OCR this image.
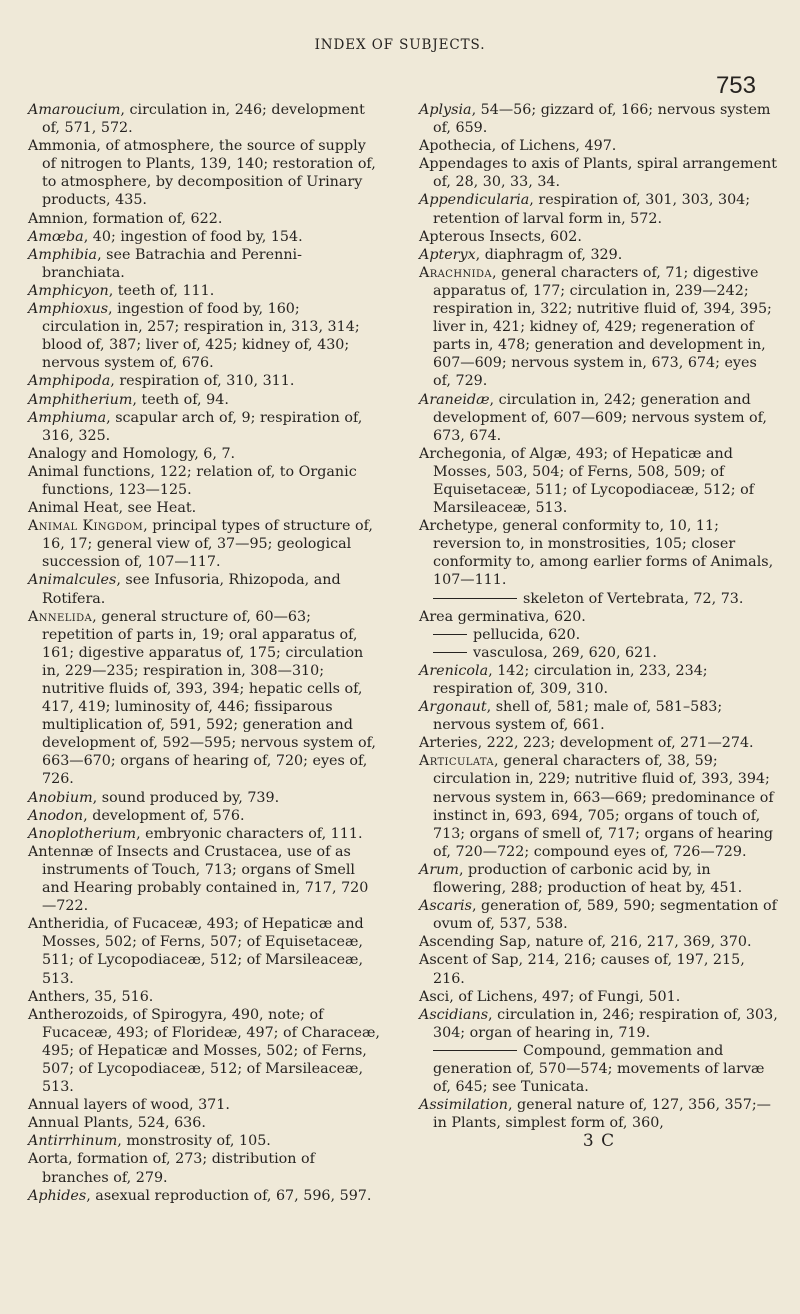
INDEX OF SUBJECTS.
753
Amaroucium, circulation in, 246; development of, 571, 572.
Ammonia, of atmosphere, the source of supply of nitrogen to Plants, 139, 140; restoration of, to atmosphere, by decomposition of Urinary products, 435.
Amnion, formation of, 622.
Amœba, 40; ingestion of food by, 154.
Amphibia, see Batrachia and Perenni-branchiata.
Amphicyon, teeth of, 111.
Amphioxus, ingestion of food by, 160; circulation in, 257; respiration in, 313, 314; blood of, 387; liver of, 425; kidney of, 430; nervous system of, 676.
Amphipoda, respiration of, 310, 311.
Amphitherium, teeth of, 94.
Amphiuma, scapular arch of, 9; respiration of, 316, 325.
Analogy and Homology, 6, 7.
Animal functions, 122; relation of, to Organic functions, 123—125.
Animal Heat, see Heat.
Animal Kingdom, principal types of structure of, 16, 17; general view of, 37—95; geological succession of, 107—117.
Animalcules, see Infusoria, Rhizopoda, and Rotifera.
Annelida, general structure of, 60—63; repetition of parts in, 19; oral apparatus of, 161; digestive apparatus of, 175; circulation in, 229—235; respiration in, 308—310; nutritive fluids of, 393, 394; hepatic cells of, 417, 419; luminosity of, 446; fissiparous multiplication of, 591, 592; generation and development of, 592—595; nervous system of, 663—670; organs of hearing of, 720; eyes of, 726.
Anobium, sound produced by, 739.
Anodon, development of, 576.
Anoplotherium, embryonic characters of, 111.
Antennæ of Insects and Crustacea, use of as instruments of Touch, 713; organs of Smell and Hearing probably contained in, 717, 720—722.
Antheridia, of Fucaceæ, 493; of Hepaticæ and Mosses, 502; of Ferns, 507; of Equisetaceæ, 511; of Lycopodiaceæ, 512; of Marsileaceæ, 513.
Anthers, 35, 516.
Antherozoids, of Spirogyra, 490, note; of Fucaceæ, 493; of Florideæ, 497; of Characeæ, 495; of Hepaticæ and Mosses, 502; of Ferns, 507; of Lycopodiaceæ, 512; of Marsileaceæ, 513.
Annual layers of wood, 371.
Annual Plants, 524, 636.
Antirrhinum, monstrosity of, 105.
Aorta, formation of, 273; distribution of branches of, 279.
Aphides, asexual reproduction of, 67, 596, 597.
Aplysia, 54—56; gizzard of, 166; nervous system of, 659.
Apothecia, of Lichens, 497.
Appendages to axis of Plants, spiral arrangement of, 28, 30, 33, 34.
Appendicularia, respiration of, 301, 303, 304; retention of larval form in, 572.
Apterous Insects, 602.
Apteryx, diaphragm of, 329.
Arachnida, general characters of, 71; digestive apparatus of, 177; circulation in, 239—242; respiration in, 322; nutritive fluid of, 394, 395; liver in, 421; kidney of, 429; regeneration of parts in, 478; generation and development in, 607—609; nervous system in, 673, 674; eyes of, 729.
Araneidæ, circulation in, 242; generation and development of, 607—609; nervous system of, 673, 674.
Archegonia, of Algæ, 493; of Hepaticæ and Mosses, 503, 504; of Ferns, 508, 509; of Equisetaceæ, 511; of Lycopodiaceæ, 512; of Marsileaceæ, 513.
Archetype, general conformity to, 10, 11; reversion to, in monstrosities, 105; closer conformity to, among earlier forms of Animals, 107—111.
skeleton of Vertebrata, 72, 73.
Area germinativa, 620.
pellucida, 620.
vasculosa, 269, 620, 621.
Arenicola, 142; circulation in, 233, 234; respiration of, 309, 310.
Argonaut, shell of, 581; male of, 581–583; nervous system of, 661.
Arteries, 222, 223; development of, 271—274.
Articulata, general characters of, 38, 59; circulation in, 229; nutritive fluid of, 393, 394; nervous system in, 663—669; predominance of instinct in, 693, 694, 705; organs of touch of, 713; organs of smell of, 717; organs of hearing of, 720—722; compound eyes of, 726—729.
Arum, production of carbonic acid by, in flowering, 288; production of heat by, 451.
Ascaris, generation of, 589, 590; segmentation of ovum of, 537, 538.
Ascending Sap, nature of, 216, 217, 369, 370.
Ascent of Sap, 214, 216; causes of, 197, 215, 216.
Asci, of Lichens, 497; of Fungi, 501.
Ascidians, circulation in, 246; respiration of, 303, 304; organ of hearing in, 719.
Compound, gemmation and generation of, 570—574; movements of larvæ of, 645; see Tunicata.
Assimilation, general nature of, 127, 356, 357;—in Plants, simplest form of, 360,
3 C
